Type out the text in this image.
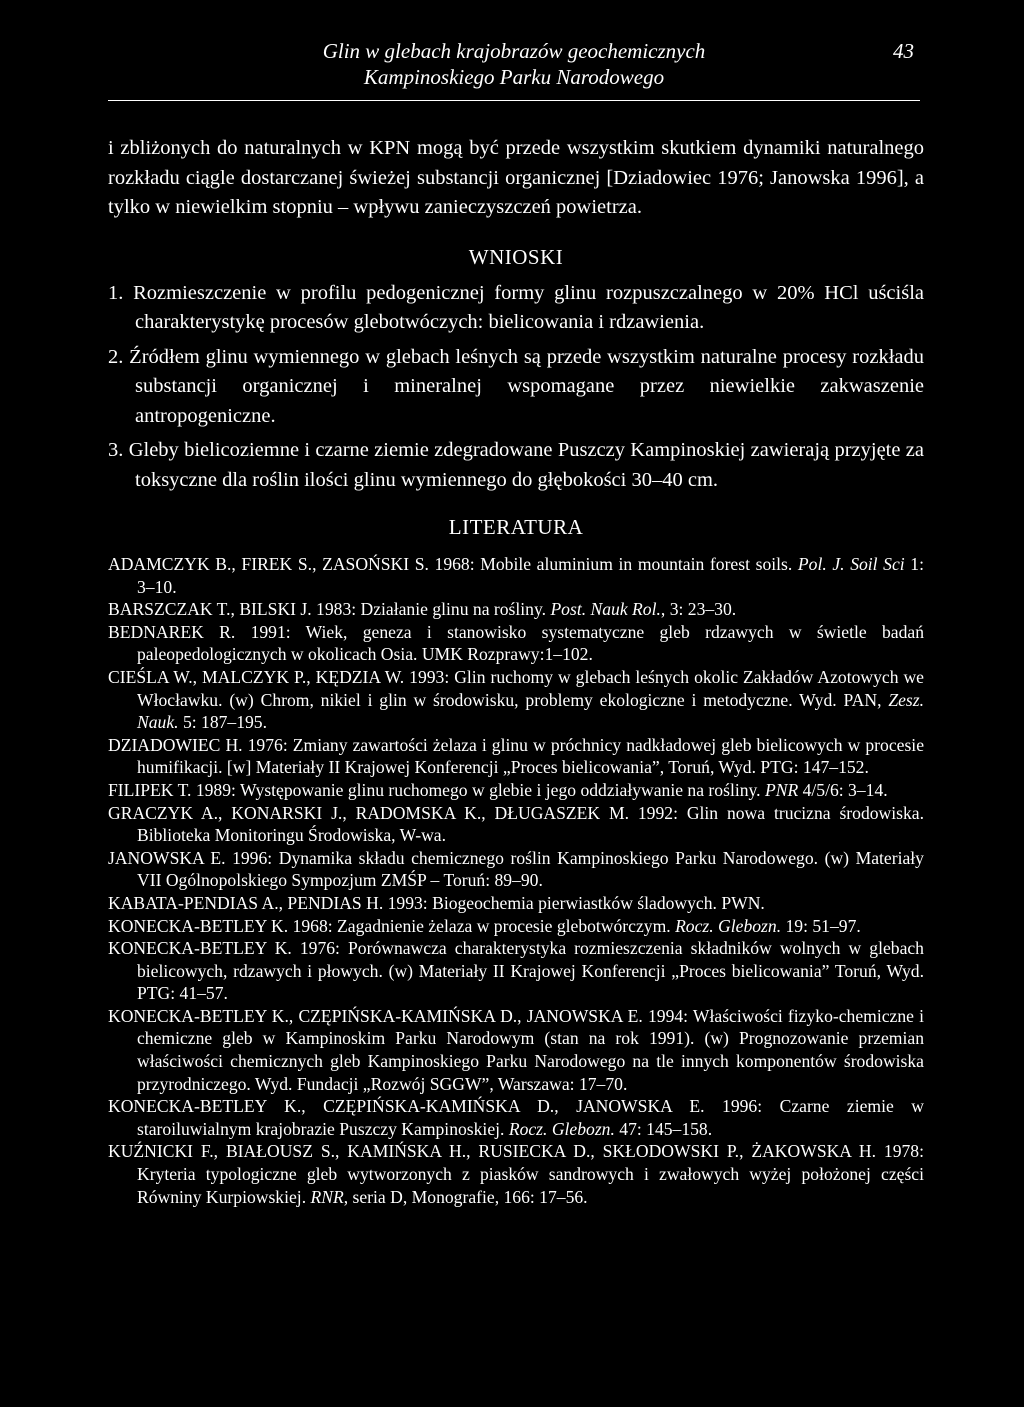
Glin w glebach krajobrazów geochemicznych
Kampinoskiego Parku Narodowego
43

i zbliżonych do naturalnych w KPN mogą być przede wszystkim skutkiem dynamiki naturalnego rozkładu ciągle dostarczanej świeżej substancji organicznej [Dziadowiec 1976; Janowska 1996], a tylko w niewielkim stopniu – wpływu zanieczyszczeń powietrza.

WNIOSKI

1. Rozmieszczenie w profilu pedogenicznej formy glinu rozpuszczalnego w 20% HCl uściśla charakterystykę procesów glebotwóczych: bielicowania i rdzawienia.

2. Źródłem glinu wymiennego w glebach leśnych są przede wszystkim naturalne procesy rozkładu substancji organicznej i mineralnej wspomagane przez niewielkie zakwaszenie antropogeniczne.

3. Gleby bielicoziemne i czarne ziemie zdegradowane Puszczy Kampinoskiej zawierają przyjęte za toksyczne dla roślin ilości glinu wymiennego do głębokości 30–40 cm.

LITERATURA

ADAMCZYK B., FIREK S., ZASOŃSKI S. 1968: Mobile aluminium in mountain forest soils. Pol. J. Soil Sci 1: 3–10.

BARSZCZAK T., BILSKI J. 1983: Działanie glinu na rośliny. Post. Nauk Rol., 3: 23–30.

BEDNAREK R. 1991: Wiek, geneza i stanowisko systematyczne gleb rdzawych w świetle badań paleopedologicznych w okolicach Osia. UMK Rozprawy:1–102.

CIEŚLA W., MALCZYK P., KĘDZIA W. 1993: Glin ruchomy w glebach leśnych okolic Zakładów Azotowych we Włocławku. (w) Chrom, nikiel i glin w środowisku, problemy ekologiczne i metodyczne. Wyd. PAN, Zesz. Nauk. 5: 187–195.

DZIADOWIEC H. 1976: Zmiany zawartości żelaza i glinu w próchnicy nadkładowej gleb bielicowych w procesie humifikacji. [w] Materiały II Krajowej Konferencji „Proces bielicowania”, Toruń, Wyd. PTG: 147–152.

FILIPEK T. 1989: Występowanie glinu ruchomego w glebie i jego oddziaływanie na rośliny. PNR 4/5/6: 3–14.

GRACZYK A., KONARSKI J., RADOMSKA K., DŁUGASZEK M. 1992: Glin nowa trucizna środowiska. Biblioteka Monitoringu Środowiska, W-wa.

JANOWSKA E. 1996: Dynamika składu chemicznego roślin Kampinoskiego Parku Narodowego. (w) Materiały VII Ogólnopolskiego Sympozjum ZMŚP – Toruń: 89–90.

KABATA-PENDIAS A., PENDIAS H. 1993: Biogeochemia pierwiastków śladowych. PWN.

KONECKA-BETLEY K. 1968: Zagadnienie żelaza w procesie glebotwórczym. Rocz. Glebozn. 19: 51–97.

KONECKA-BETLEY K. 1976: Porównawcza charakterystyka rozmieszczenia składników wolnych w glebach bielicowych, rdzawych i płowych. (w) Materiały II Krajowej Konferencji „Proces bielicowania” Toruń, Wyd. PTG: 41–57.

KONECKA-BETLEY K., CZĘPIŃSKA-KAMIŃSKA D., JANOWSKA E. 1994: Właściwości fizyko-chemiczne i chemiczne gleb w Kampinoskim Parku Narodowym (stan na rok 1991). (w) Prognozowanie przemian właściwości chemicznych gleb Kampinoskiego Parku Narodowego na tle innych komponentów środowiska przyrodniczego. Wyd. Fundacji „Rozwój SGGW”, Warszawa: 17–70.

KONECKA-BETLEY K., CZĘPIŃSKA-KAMIŃSKA D., JANOWSKA E. 1996: Czarne ziemie w staroiluwialnym krajobrazie Puszczy Kampinoskiej. Rocz. Glebozn. 47: 145–158.

KUŹNICKI F., BIAŁOUSZ S., KAMIŃSKA H., RUSIECKA D., SKŁODOWSKI P., ŻAKOWSKA H. 1978: Kryteria typologiczne gleb wytworzonych z piasków sandrowych i zwałowych wyżej położonej części Równiny Kurpiowskiej. RNR, seria D, Monografie, 166: 17–56.
